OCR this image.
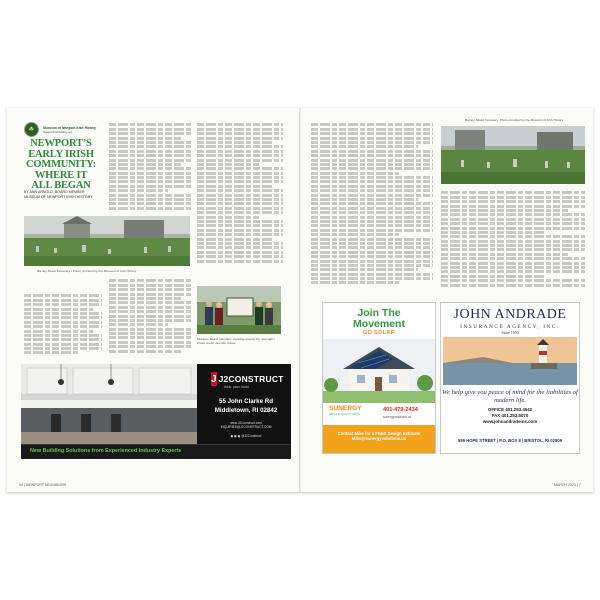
☘	Museum of Newport Irish History
NewportIrishHistory.org
NEWPORT’S EARLY IRISH COMMUNITY: WHERE IT ALL BEGAN
BY ANN ARNOLD, BOARD MEMBER MUSEUM OF NEWPORT IRISH HISTORY
Barney Street Cemetery / Photo provided by the Museum of Irish History
Museum Board members standing around the new sign / Photo credit: Jennifer Carter
J J2CONSTRUCT
think. plan. build.
55 John Clarke Rd
Middletown, RI 02842
www.J2Construct.com
INQUIRIES@J2CONSTRUCT.COM
◼ ◼ ◼ @J2Construct
New Building Solutions from Experienced Industry Experts
44 | NEWPORT NEIGHBORS
Barney Street Cemetery. Photo provided by the Museum of Irish History.
Join The
Movement
GO SOLAR
SUNERGY
SOLAR SOLUTIONS
401-479-2434
sunergysolutions.us
Contact Mike for a FREE Design Estimate
Mike@sunergysolutions.us
JOHN ANDRADE
INSURANCE AGENCY, INC.
Since 1950
We help give you peace of mind for the liabilities of modern life.
OFFICE 401.253.4542
FAX 401.253.5070
www.johnandradeins.com
559 HOPE STREET | P.O. BOX 8 | BRISTOL, RI 02809
MARCH 2023 | 7
